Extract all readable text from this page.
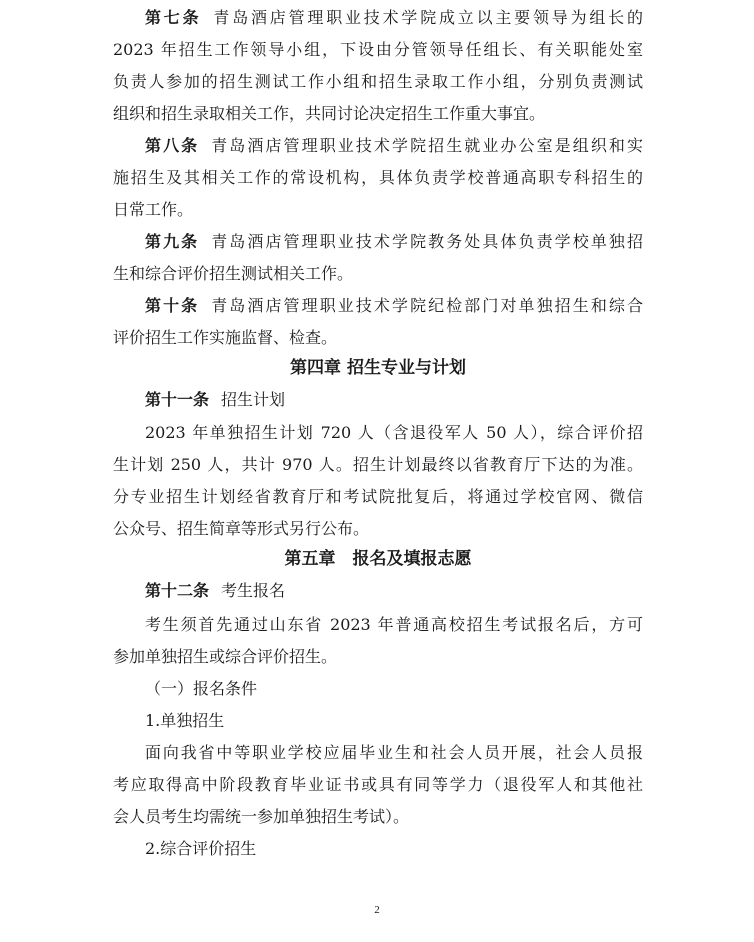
第七条 青岛酒店管理职业技术学院成立以主要领导为组长的
2023 年招生工作领导小组，下设由分管领导任组长、有关职能处室
负责人参加的招生测试工作小组和招生录取工作小组，分别负责测试
组织和招生录取相关工作，共同讨论决定招生工作重大事宜。
第八条 青岛酒店管理职业技术学院招生就业办公室是组织和实
施招生及其相关工作的常设机构，具体负责学校普通高职专科招生的
日常工作。
第九条 青岛酒店管理职业技术学院教务处具体负责学校单独招
生和综合评价招生测试相关工作。
第十条 青岛酒店管理职业技术学院纪检部门对单独招生和综合
评价招生工作实施监督、检查。
第四章 招生专业与计划
第十一条 招生计划
2023 年单独招生计划 720 人（含退役军人 50 人），综合评价招
生计划 250 人，共计 970 人。招生计划最终以省教育厅下达的为准。
分专业招生计划经省教育厅和考试院批复后，将通过学校官网、微信
公众号、招生简章等形式另行公布。
第五章　报名及填报志愿
第十二条 考生报名
考生须首先通过山东省 2023 年普通高校招生考试报名后，方可
参加单独招生或综合评价招生。
（一）报名条件
1.单独招生
面向我省中等职业学校应届毕业生和社会人员开展，社会人员报
考应取得高中阶段教育毕业证书或具有同等学力（退役军人和其他社
会人员考生均需统一参加单独招生考试）。
2.综合评价招生
2
